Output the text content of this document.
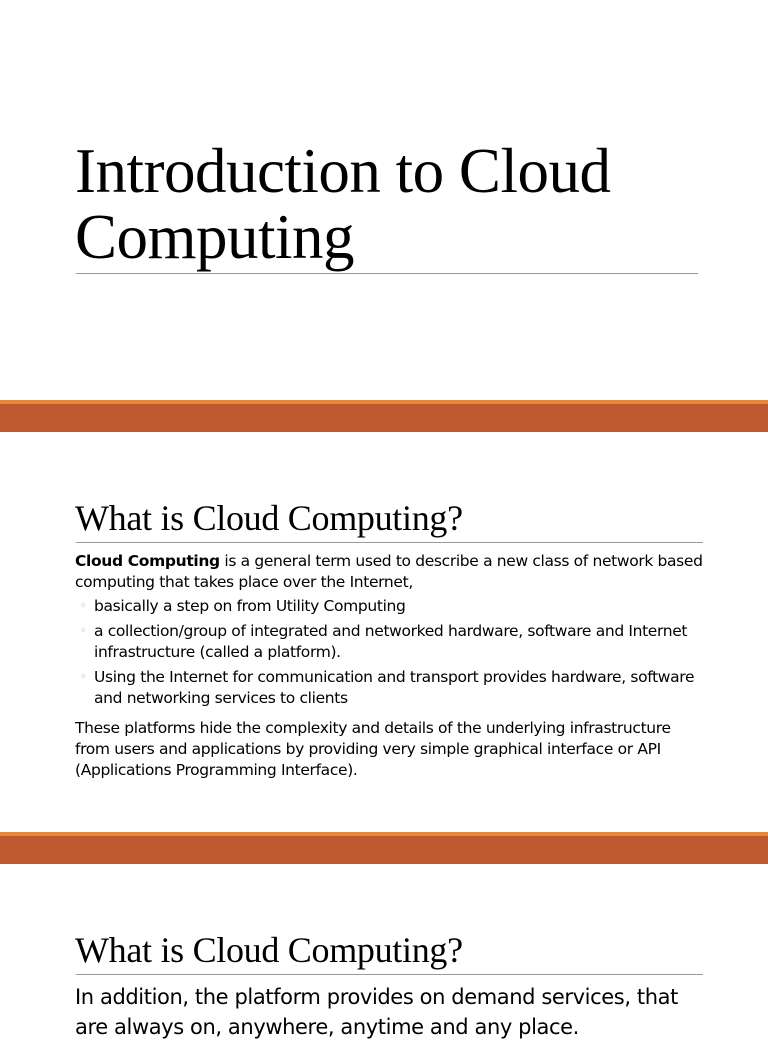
Introduction to Cloud Computing
What is Cloud Computing?

Cloud Computing is a general term used to describe a new class of network based computing that takes place over the Internet,

◦ basically a step on from Utility Computing
◦ a collection/group of integrated and networked hardware, software and Internet infrastructure (called a platform).
◦ Using the Internet for communication and transport provides hardware, software and networking services to clients

These platforms hide the complexity and details of the underlying infrastructure from users and applications by providing very simple graphical interface or API (Applications Programming Interface).

What is Cloud Computing?

In addition, the platform provides on demand services, that are always on, anywhere, anytime and any place.
